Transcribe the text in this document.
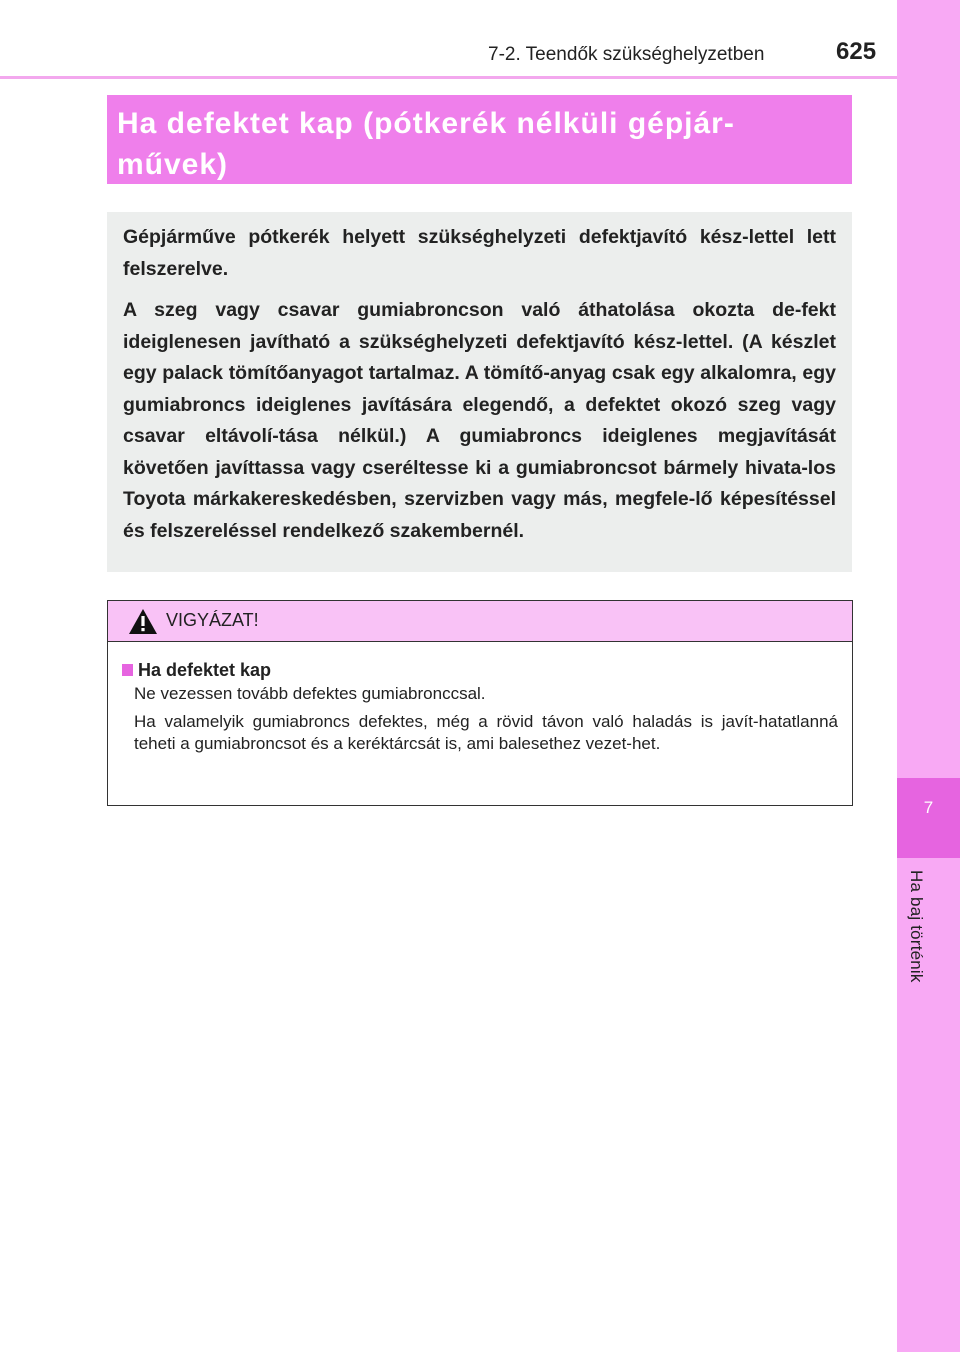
7-2. Teendők szükséghelyzetben	625
7
Ha baj történik
Ha defektet kap (pótkerék nélküli gépjár-művek)

Gépjárműve pótkerék helyett szükséghelyzeti defektjavító kész-lettel lett felszerelve.

A szeg vagy csavar gumiabroncson való áthatolása okozta de-fekt ideiglenesen javítható a szükséghelyzeti defektjavító kész-lettel. (A készlet egy palack tömítőanyagot tartalmaz. A tömítő-anyag csak egy alkalomra, egy gumiabroncs ideiglenes javítására elegendő, a defektet okozó szeg vagy csavar eltávolí-tása nélkül.) A gumiabroncs ideiglenes megjavítását követően javíttassa vagy cseréltesse ki a gumiabroncsot bármely hivata-los Toyota márkakereskedésben, szervizben vagy más, megfele-lő képesítéssel és felszereléssel rendelkező szakembernél.

VIGYÁZAT!

Ha defektet kap

Ne vezessen tovább defektes gumiabronccsal.

Ha valamelyik gumiabroncs defektes, még a rövid távon való haladás is javít-hatatlanná teheti a gumiabroncsot és a keréktárcsát is, ami balesethez vezet-het.
